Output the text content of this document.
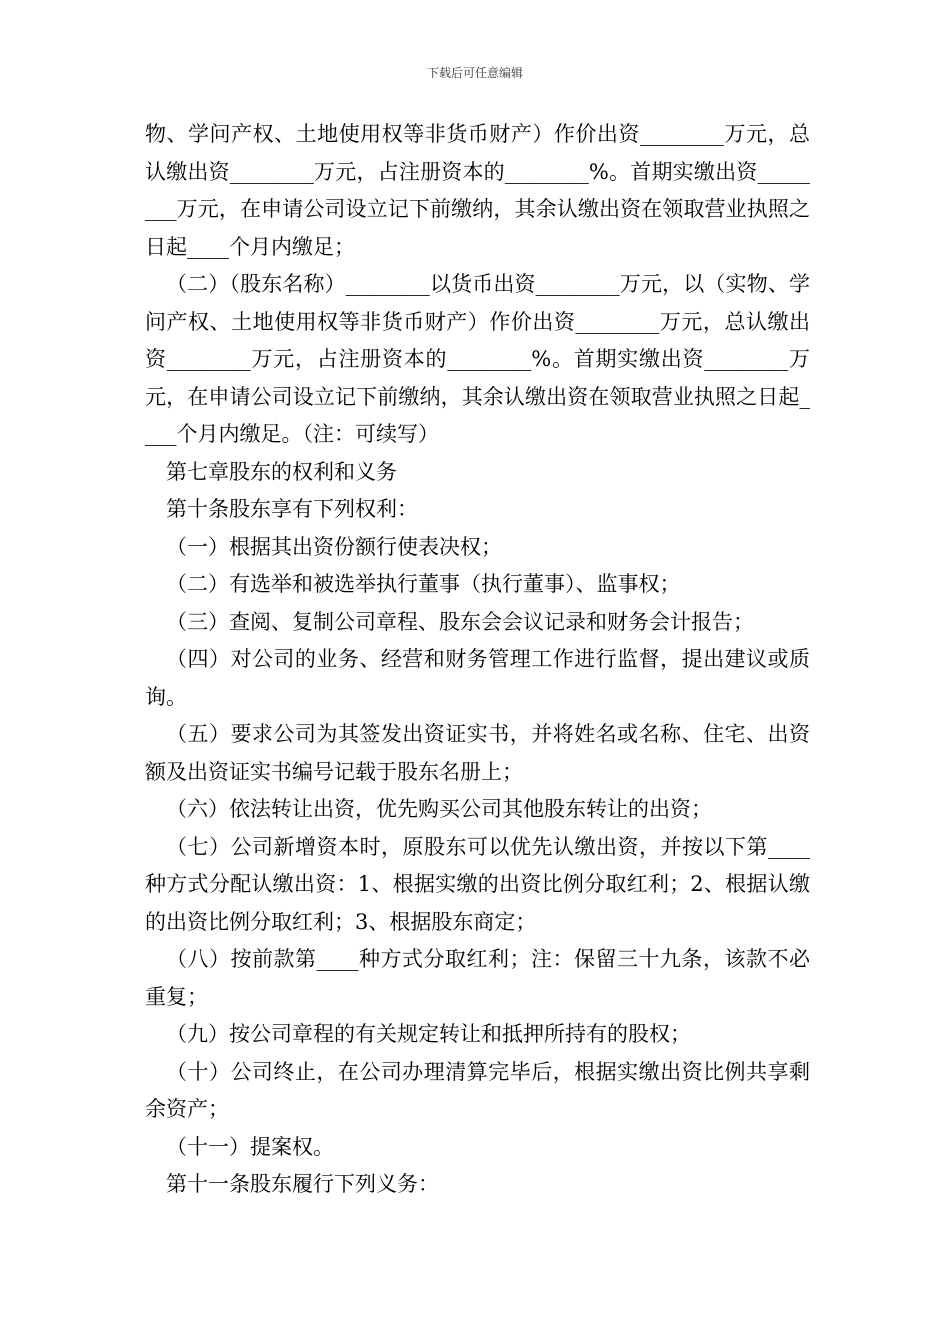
下载后可任意编辑

物、学问产权、土地使用权等非货币财产）作价出资________万元，总认缴出资________万元，占注册资本的________%。首期实缴出资________万元，在申请公司设立记下前缴纳，其余认缴出资在领取营业执照之日起____个月内缴足；

（二）（股东名称）________以货币出资________万元，以（实物、学问产权、土地使用权等非货币财产）作价出资________万元，总认缴出资________万元，占注册资本的________%。首期实缴出资________万元，在申请公司设立记下前缴纳，其余认缴出资在领取营业执照之日起____个月内缴足。（注：可续写）

第七章股东的权利和义务

第十条股东享有下列权利：

（一）根据其出资份额行使表决权；

（二）有选举和被选举执行董事（执行董事）、监事权；

（三）查阅、复制公司章程、股东会会议记录和财务会计报告；

（四）对公司的业务、经营和财务管理工作进行监督，提出建议或质询。

（五）要求公司为其签发出资证实书，并将姓名或名称、住宅、出资额及出资证实书编号记载于股东名册上；

（六）依法转让出资，优先购买公司其他股东转让的出资；

（七）公司新增资本时，原股东可以优先认缴出资，并按以下第____种方式分配认缴出资：1、根据实缴的出资比例分取红利；2、根据认缴的出资比例分取红利；3、根据股东商定；

（八）按前款第____种方式分取红利；注：保留三十九条，该款不必重复；

（九）按公司章程的有关规定转让和抵押所持有的股权；

（十）公司终止，在公司办理清算完毕后，根据实缴出资比例共享剩余资产；

（十一）提案权。

第十一条股东履行下列义务：
